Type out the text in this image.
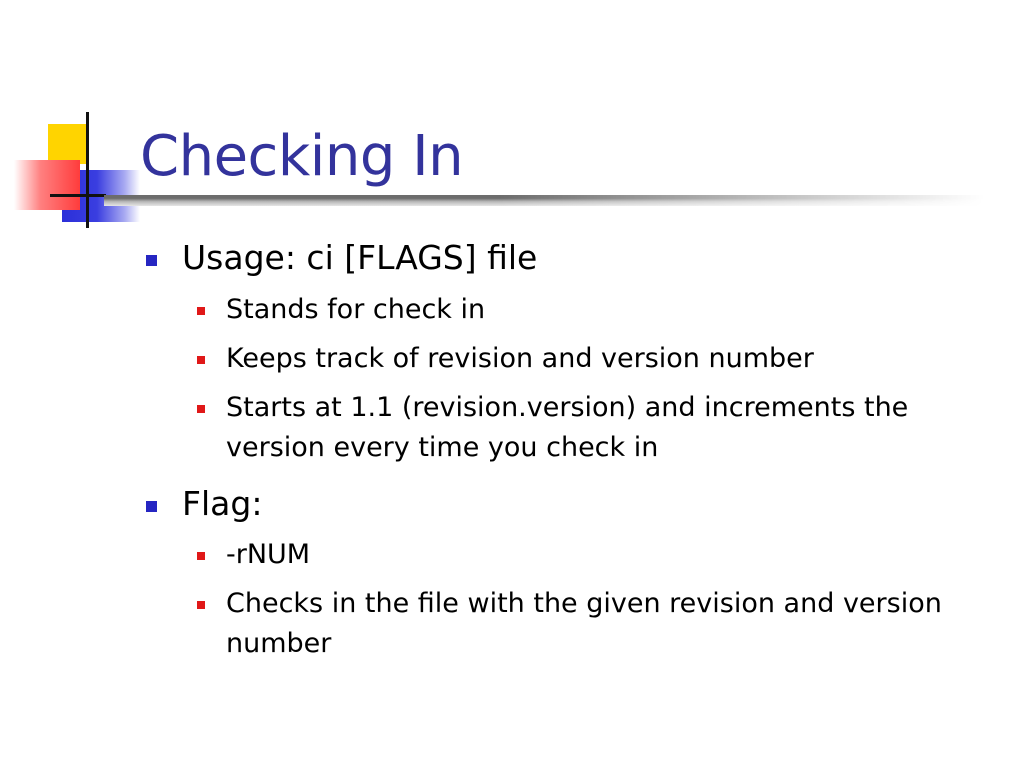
Checking In
Usage: ci [FLAGS] file
Stands for check in
Keeps track of revision and version number
Starts at 1.1 (revision.version) and increments the version every time you check in
Flag:
-rNUM
Checks in the file with the given revision and version number
